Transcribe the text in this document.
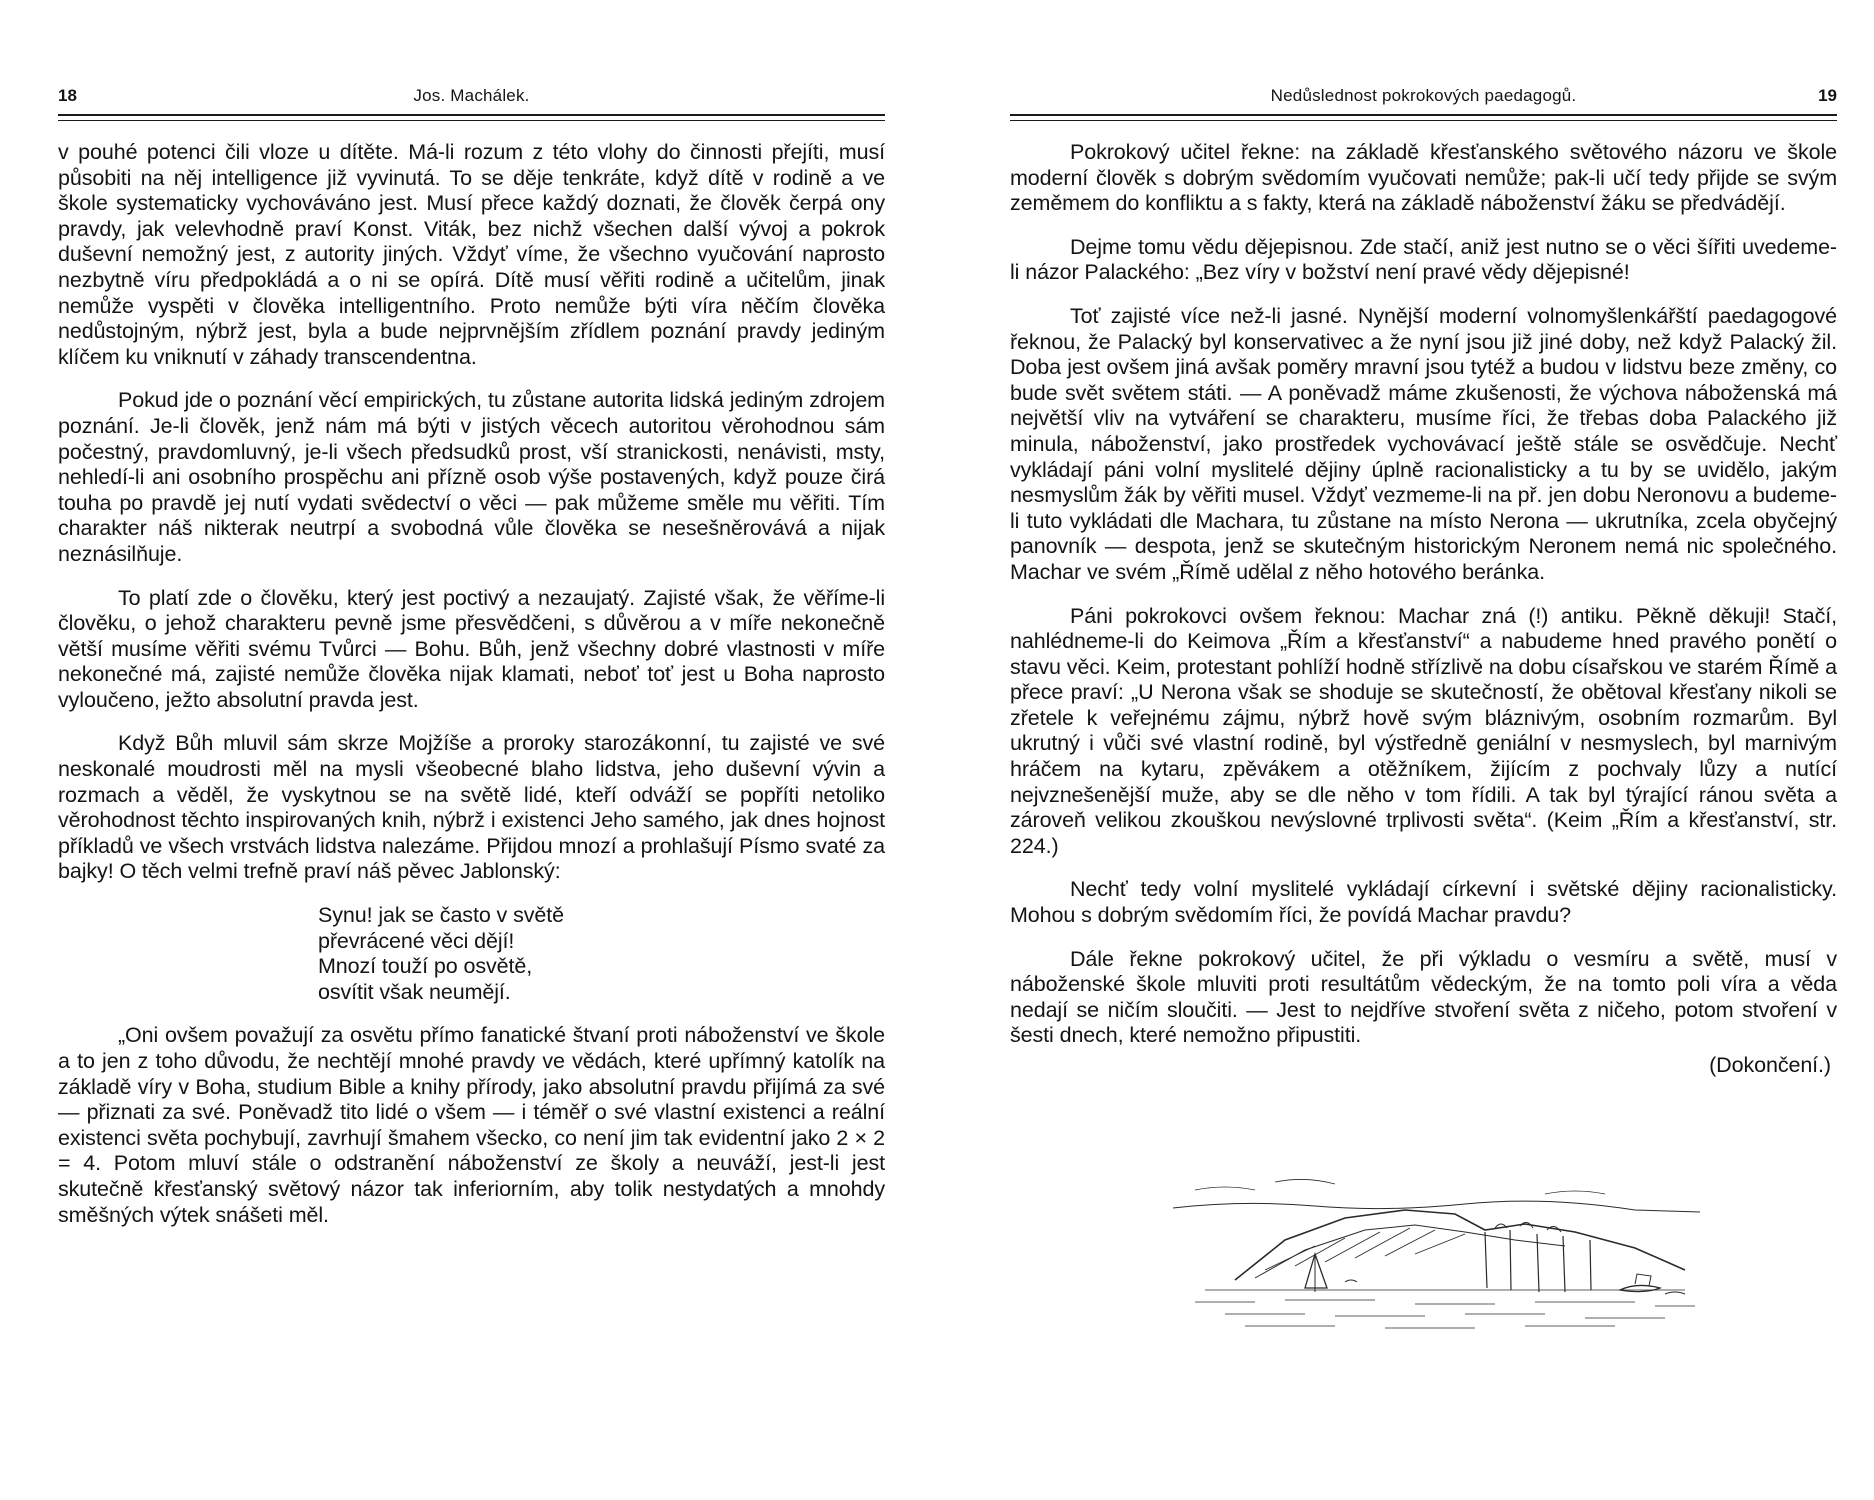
18	Jos. Machálek.

v pouhé potenci čili vloze u dítěte. Má-li rozum z této vlohy do činnosti přejíti, musí působiti na něj intelligence již vyvinutá. To se děje tenkráte, když dítě v rodině a ve škole systematicky vychováváno jest. Musí přece každý doznati, že člověk čerpá ony pravdy, jak velevhodně praví Konst. Viták, bez nichž všechen další vývoj a pokrok duševní nemožný jest, z autority jiných. Vždyť víme, že všechno vyučování naprosto nezbytně víru předpokládá a o ni se opírá. Dítě musí věřiti rodině a učitelům, jinak nemůže vyspěti v člověka intelligentního. Proto nemůže býti víra něčím člověka nedůstojným, nýbrž jest, byla a bude nejprvnějším zřídlem poznání pravdy jediným klíčem ku vniknutí v záhady transcendentna.

Pokud jde o poznání věcí empirických, tu zůstane autorita lidská jediným zdrojem poznání. Je-li člověk, jenž nám má býti v jistých věcech autoritou věrohodnou sám počestný, pravdomluvný, je-li všech předsudků prost, vší stranickosti, nenávisti, msty, nehledí-li ani osobního prospěchu ani přízně osob výše postavených, když pouze čirá touha po pravdě jej nutí vydati svědectví o věci — pak můžeme směle mu věřiti. Tím charakter náš nikterak neutrpí a svobodná vůle člověka se nesešněrovává a nijak neznásilňuje.

To platí zde o člověku, který jest poctivý a nezaujatý. Zajisté však, že věříme-li člověku, o jehož charakteru pevně jsme přesvědčeni, s důvěrou a v míře nekonečně větší musíme věřiti svému Tvůrci — Bohu. Bůh, jenž všechny dobré vlastnosti v míře nekonečné má, zajisté nemůže člověka nijak klamati, neboť toť jest u Boha naprosto vyloučeno, ježto absolutní pravda jest.

Když Bůh mluvil sám skrze Mojžíše a proroky starozákonní, tu zajisté ve své neskonalé moudrosti měl na mysli všeobecné blaho lidstva, jeho duševní vývin a rozmach a věděl, že vyskytnou se na světě lidé, kteří odváží se popříti netoliko věrohodnost těchto inspirovaných knih, nýbrž i existenci Jeho samého, jak dnes hojnost příkladů ve všech vrstvách lidstva nalezáme. Přijdou mnozí a prohlašují Písmo svaté za bajky! O těch velmi trefně praví náš pěvec Jablonský:

Synu! jak se často v světě
převrácené věci dějí!
Mnozí touží po osvětě,
osvítit však neumějí.

„Oni ovšem považují za osvětu přímo fanatické štvaní proti náboženství ve škole a to jen z toho důvodu, že nechtějí mnohé pravdy ve vědách, které upřímný katolík na základě víry v Boha, studium Bible a knihy přírody, jako absolutní pravdu přijímá za své — přiznati za své. Poněvadž tito lidé o všem — i téměř o své vlastní existenci a reální existenci světa pochybují, zavrhují šmahem všecko, co není jim tak evidentní jako 2 × 2 = 4. Potom mluví stále o odstranění náboženství ze školy a neuváží, jest-li jest skutečně křesťanský světový názor tak inferiorním, aby tolik nestydatých a mnohdy směšných výtek snášeti měl.

Nedůslednost pokrokových paedagogů.	19

Pokrokový učitel řekne: na základě křesťanského světového názoru ve škole moderní člověk s dobrým svědomím vyučovati nemůže; pak-li učí tedy přijde se svým zeměmem do konfliktu a s fakty, která na základě náboženství žáku se předvádějí.

Dejme tomu vědu dějepisnou. Zde stačí, aniž jest nutno se o věci šířiti uvedeme-li názor Palackého: „Bez víry v božství není pravé vědy dějepisné!

Toť zajisté více než-li jasné. Nynější moderní volnomyšlenkářští paedagogové řeknou, že Palacký byl konservativec a že nyní jsou již jiné doby, než když Palacký žil. Doba jest ovšem jiná avšak poměry mravní jsou tytéž a budou v lidstvu beze změny, co bude svět světem státi. — A poněvadž máme zkušenosti, že výchova náboženská má největší vliv na vytváření se charakteru, musíme říci, že třebas doba Palackého již minula, náboženství, jako prostředek vychovávací ještě stále se osvědčuje. Nechť vykládají páni volní myslitelé dějiny úplně racionalisticky a tu by se uvidělo, jakým nesmyslům žák by věřiti musel. Vždyť vezmeme-li na př. jen dobu Neronovu a budeme-li tuto vykládati dle Machara, tu zůstane na místo Nerona — ukrutníka, zcela obyčejný panovník — despota, jenž se skutečným historickým Neronem nemá nic společného. Machar ve svém „Římě udělal z něho hotového beránka.

Páni pokrokovci ovšem řeknou: Machar zná (!) antiku. Pěkně děkuji! Stačí, nahlédneme-li do Keimova „Řím a křesťanství“ a nabudeme hned pravého ponětí o stavu věci. Keim, protestant pohlíží hodně střízlivě na dobu císařskou ve starém Římě a přece praví: „U Nerona však se shoduje se skutečností, že obětoval křesťany nikoli se zřetele k veřejnému zájmu, nýbrž hově svým bláznivým, osobním rozmarům. Byl ukrutný i vůči své vlastní rodině, byl výstředně geniální v nesmyslech, byl marnivým hráčem na kytaru, zpěvákem a otěžníkem, žijícím z pochvaly lůzy a nutící nejvznešenější muže, aby se dle něho v tom řídili. A tak byl týrající ránou světa a zároveň velikou zkouškou nevýslovné trplivosti světa“. (Keim „Řím a křesťanství, str. 224.)

Nechť tedy volní myslitelé vykládají církevní i světské dějiny racionalisticky. Mohou s dobrým svědomím říci, že povídá Machar pravdu?

Dále řekne pokrokový učitel, že při výkladu o vesmíru a světě, musí v náboženské škole mluviti proti resultátům vědeckým, že na tomto poli víra a věda nedají se ničím sloučiti. — Jest to nejdříve stvoření světa z ničeho, potom stvoření v šesti dnech, které nemožno připustiti.

(Dokončení.)
